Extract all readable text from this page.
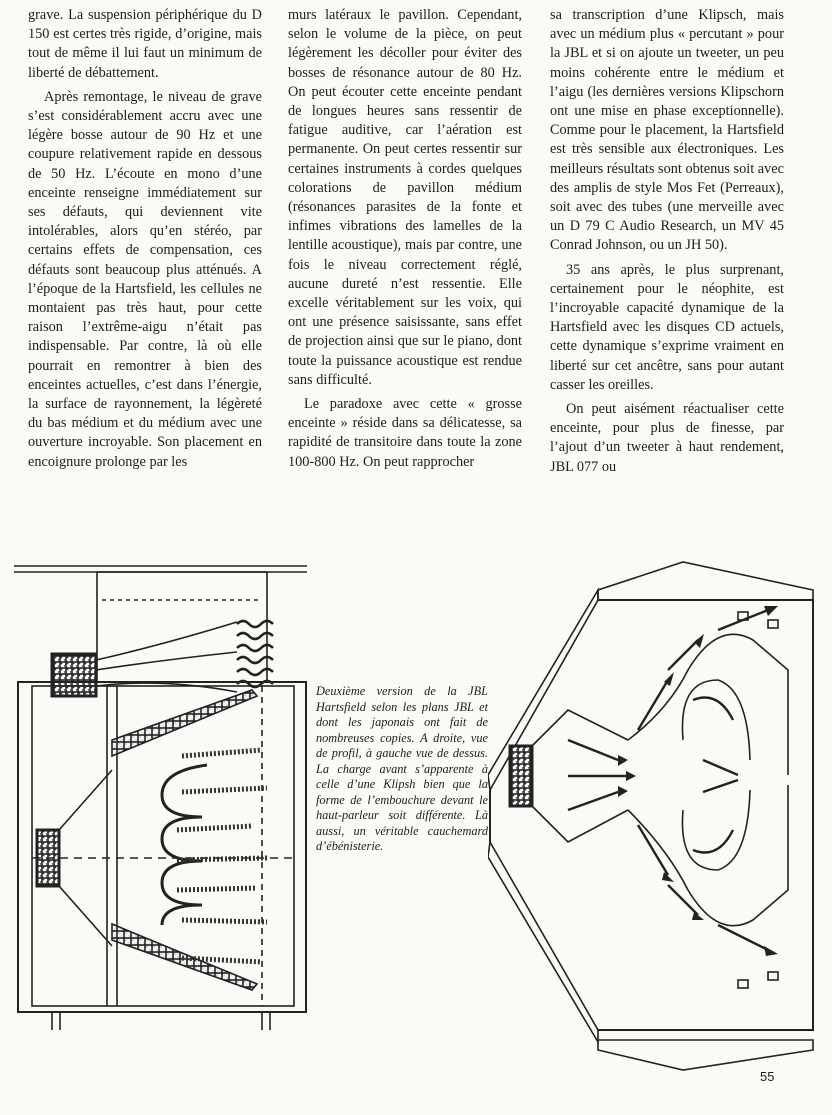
grave. La suspension périphérique du D 150 est certes très rigide, d’origine, mais tout de même il lui faut un minimum de liberté de débattement.

Après remontage, le niveau de grave s’est considérablement accru avec une légère bosse autour de 90 Hz et une coupure relativement rapide en dessous de 50 Hz. L’écoute en mono d’une enceinte renseigne immédiatement sur ses défauts, qui deviennent vite intolérables, alors qu’en stéréo, par certains effets de compensation, ces défauts sont beaucoup plus atténués. A l’époque de la Hartsfield, les cellules ne montaient pas très haut, pour cette raison l’extrême-aigu n’était pas indispensable. Par contre, là où elle pourrait en remontrer à bien des enceintes actuelles, c’est dans l’énergie, la surface de rayonnement, la légèreté du bas médium et du médium avec une ouverture incroyable. Son placement en encoignure prolonge par les

murs latéraux le pavillon. Cependant, selon le volume de la pièce, on peut légèrement les décoller pour éviter des bosses de résonance autour de 80 Hz. On peut écouter cette enceinte pendant de longues heures sans ressentir de fatigue auditive, car l’aération est permanente. On peut certes ressentir sur certaines instruments à cordes quelques colorations de pavillon médium (résonances parasites de la fonte et infimes vibrations des lamelles de la lentille acoustique), mais par contre, une fois le niveau correctement réglé, aucune dureté n’est ressentie. Elle excelle véritablement sur les voix, qui ont une présence saisissante, sans effet de projection ainsi que sur le piano, dont toute la puissance acoustique est rendue sans difficulté.

Le paradoxe avec cette « grosse enceinte » réside dans sa délicatesse, sa rapidité de transitoire dans toute la zone 100-800 Hz. On peut rapprocher

sa transcription d’une Klipsch, mais avec un médium plus « percutant » pour la JBL et si on ajoute un tweeter, un peu moins cohérente entre le médium et l’aigu (les dernières versions Klipschorn ont une mise en phase exceptionnelle). Comme pour le placement, la Hartsfield est très sensible aux électroniques. Les meilleurs résultats sont obtenus soit avec des amplis de style Mos Fet (Perreaux), soit avec des tubes (une merveille avec un D 79 C Audio Research, un MV 45 Conrad Johnson, ou un JH 50).

35 ans après, le plus surprenant, certainement pour le néophite, est l’incroyable capacité dynamique de la Hartsfield avec les disques CD actuels, cette dynamique s’exprime vraiment en liberté sur cet ancêtre, sans pour autant casser les oreilles.

On peut aisément réactualiser cette enceinte, pour plus de finesse, par l’ajout d’un tweeter à haut rendement, JBL 077 ou

Deuxième version de la JBL Hartsfield selon les plans JBL et dont les japonais ont fait de nombreuses copies. A droite, vue de profil, à gauche vue de dessus. La charge avant s’apparente à celle d’une Klipsh bien que la forme de l’embouchure devant le haut-parleur soit différente. Là aussi, un véritable cauchemard d’ébénisterie.
55
